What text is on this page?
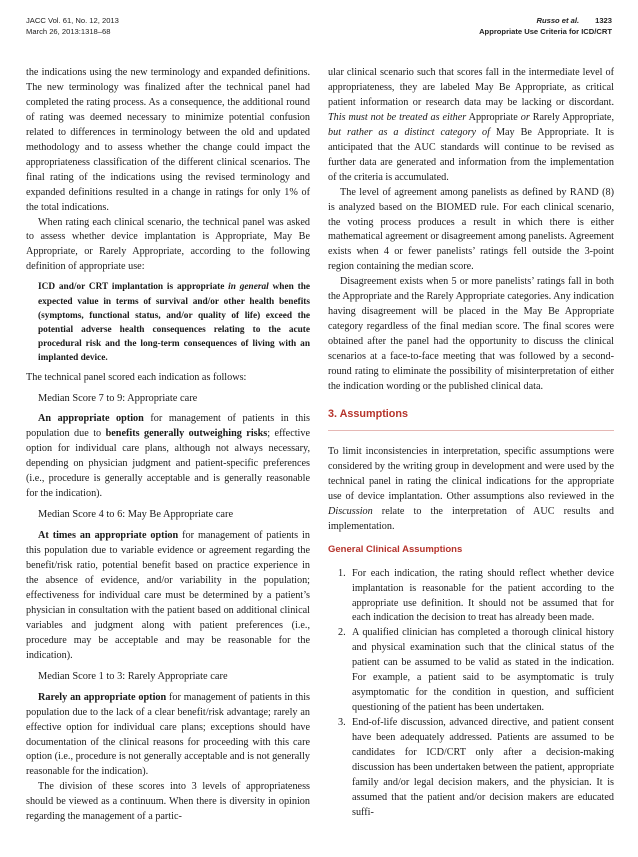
JACC Vol. 61, No. 12, 2013
March 26, 2013:1318–68
Russo et al. 1323
Appropriate Use Criteria for ICD/CRT

the indications using the new terminology and expanded definitions. The new terminology was finalized after the technical panel had completed the rating process. As a consequence, the additional round of rating was deemed necessary to minimize potential confusion related to differences in terminology between the old and updated methodology and to assess whether the change could impact the appropriateness classification of the different clinical scenarios. The final rating of the indications using the revised terminology and expanded definitions resulted in a change in ratings for only 1% of the total indications.

When rating each clinical scenario, the technical panel was asked to assess whether device implantation is Appropriate, May Be Appropriate, or Rarely Appropriate, according to the following definition of appropriate use:

ICD and/or CRT implantation is appropriate in general when the expected value in terms of survival and/or other health benefits (symptoms, functional status, and/or quality of life) exceed the potential adverse health consequences relating to the acute procedural risk and the long-term consequences of living with an implanted device.

The technical panel scored each indication as follows:

Median Score 7 to 9: Appropriate care

An appropriate option for management of patients in this population due to benefits generally outweighing risks; effective option for individual care plans, although not always necessary, depending on physician judgment and patient-specific preferences (i.e., procedure is generally acceptable and is generally reasonable for the indication).

Median Score 4 to 6: May Be Appropriate care

At times an appropriate option for management of patients in this population due to variable evidence or agreement regarding the benefit/risk ratio, potential benefit based on practice experience in the absence of evidence, and/or variability in the population; effectiveness for individual care must be determined by a patient’s physician in consultation with the patient based on additional clinical variables and judgment along with patient preferences (i.e., procedure may be acceptable and may be reasonable for the indication).

Median Score 1 to 3: Rarely Appropriate care

Rarely an appropriate option for management of patients in this population due to the lack of a clear benefit/risk advantage; rarely an effective option for individual care plans; exceptions should have documentation of the clinical reasons for proceeding with this care option (i.e., procedure is not generally acceptable and is not generally reasonable for the indication).

The division of these scores into 3 levels of appropriateness should be viewed as a continuum. When there is diversity in opinion regarding the management of a partic-

ular clinical scenario such that scores fall in the intermediate level of appropriateness, they are labeled May Be Appropriate, as critical patient information or research data may be lacking or discordant. This must not be treated as either Appropriate or Rarely Appropriate, but rather as a distinct category of May Be Appropriate. It is anticipated that the AUC standards will continue to be revised as further data are generated and information from the implementation of the criteria is accumulated.

The level of agreement among panelists as defined by RAND (8) is analyzed based on the BIOMED rule. For each clinical scenario, the voting process produces a result in which there is either mathematical agreement or disagreement among panelists. Agreement exists when 4 or fewer panelists’ ratings fell outside the 3-point region containing the median score.

Disagreement exists when 5 or more panelists’ ratings fall in both the Appropriate and the Rarely Appropriate categories. Any indication having disagreement will be placed in the May Be Appropriate category regardless of the final median score. The final scores were obtained after the panel had the opportunity to discuss the clinical scenarios at a face-to-face meeting that was followed by a second-round rating to eliminate the possibility of misinterpretation of either the indication wording or the published clinical data.

3. Assumptions

To limit inconsistencies in interpretation, specific assumptions were considered by the writing group in development and were used by the technical panel in rating the clinical indications for the appropriate use of device implantation. Other assumptions also reviewed in the Discussion relate to the interpretation of AUC results and implementation.

General Clinical Assumptions
1. For each indication, the rating should reflect whether device implantation is reasonable for the patient according to the appropriate use definition. It should not be assumed that for each indication the decision to treat has already been made.
2. A qualified clinician has completed a thorough clinical history and physical examination such that the clinical status of the patient can be assumed to be valid as stated in the indication. For example, a patient said to be asymptomatic is truly asymptomatic for the condition in question, and sufficient questioning of the patient has been undertaken.
3. End-of-life discussion, advanced directive, and patient consent have been adequately addressed. Patients are assumed to be candidates for ICD/CRT only after a decision-making discussion has been undertaken between the patient, appropriate family and/or legal decision makers, and the physician. It is assumed that the patient and/or decision makers are educated suffi-
